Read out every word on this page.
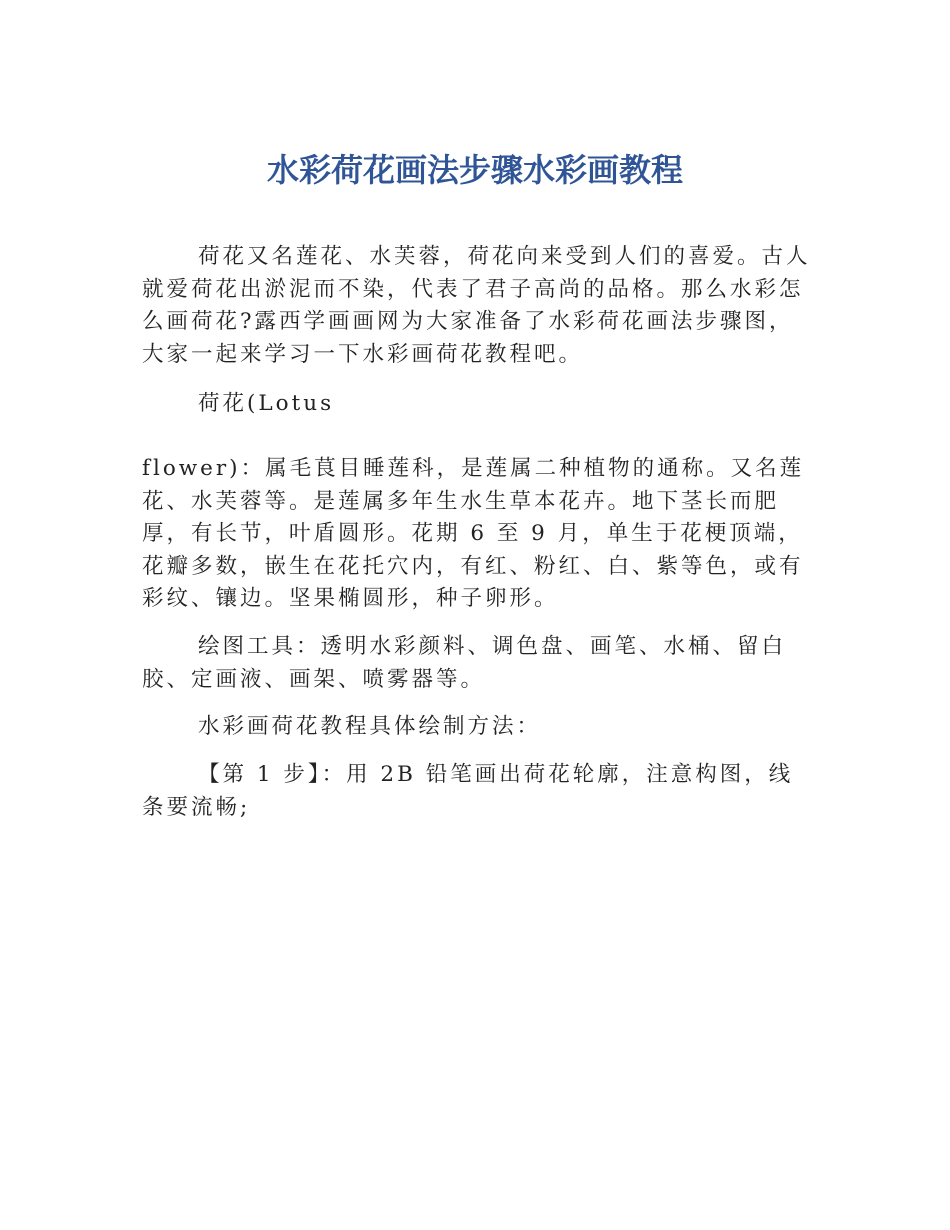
水彩荷花画法步骤水彩画教程

荷花又名莲花、水芙蓉，荷花向来受到人们的喜爱。古人就爱荷花出淤泥而不染，代表了君子高尚的品格。那么水彩怎么画荷花?露西学画画网为大家准备了水彩荷花画法步骤图，大家一起来学习一下水彩画荷花教程吧。

荷花(Lotus

flower)：属毛茛目睡莲科，是莲属二种植物的通称。又名莲花、水芙蓉等。是莲属多年生水生草本花卉。地下茎长而肥厚，有长节，叶盾圆形。花期 6 至 9 月，单生于花梗顶端，花瓣多数，嵌生在花托穴内，有红、粉红、白、紫等色，或有彩纹、镶边。坚果椭圆形，种子卵形。

绘图工具：透明水彩颜料、调色盘、画笔、水桶、留白胶、定画液、画架、喷雾器等。

水彩画荷花教程具体绘制方法：

【第 1 步】：用 2B 铅笔画出荷花轮廓，注意构图，线条要流畅;
